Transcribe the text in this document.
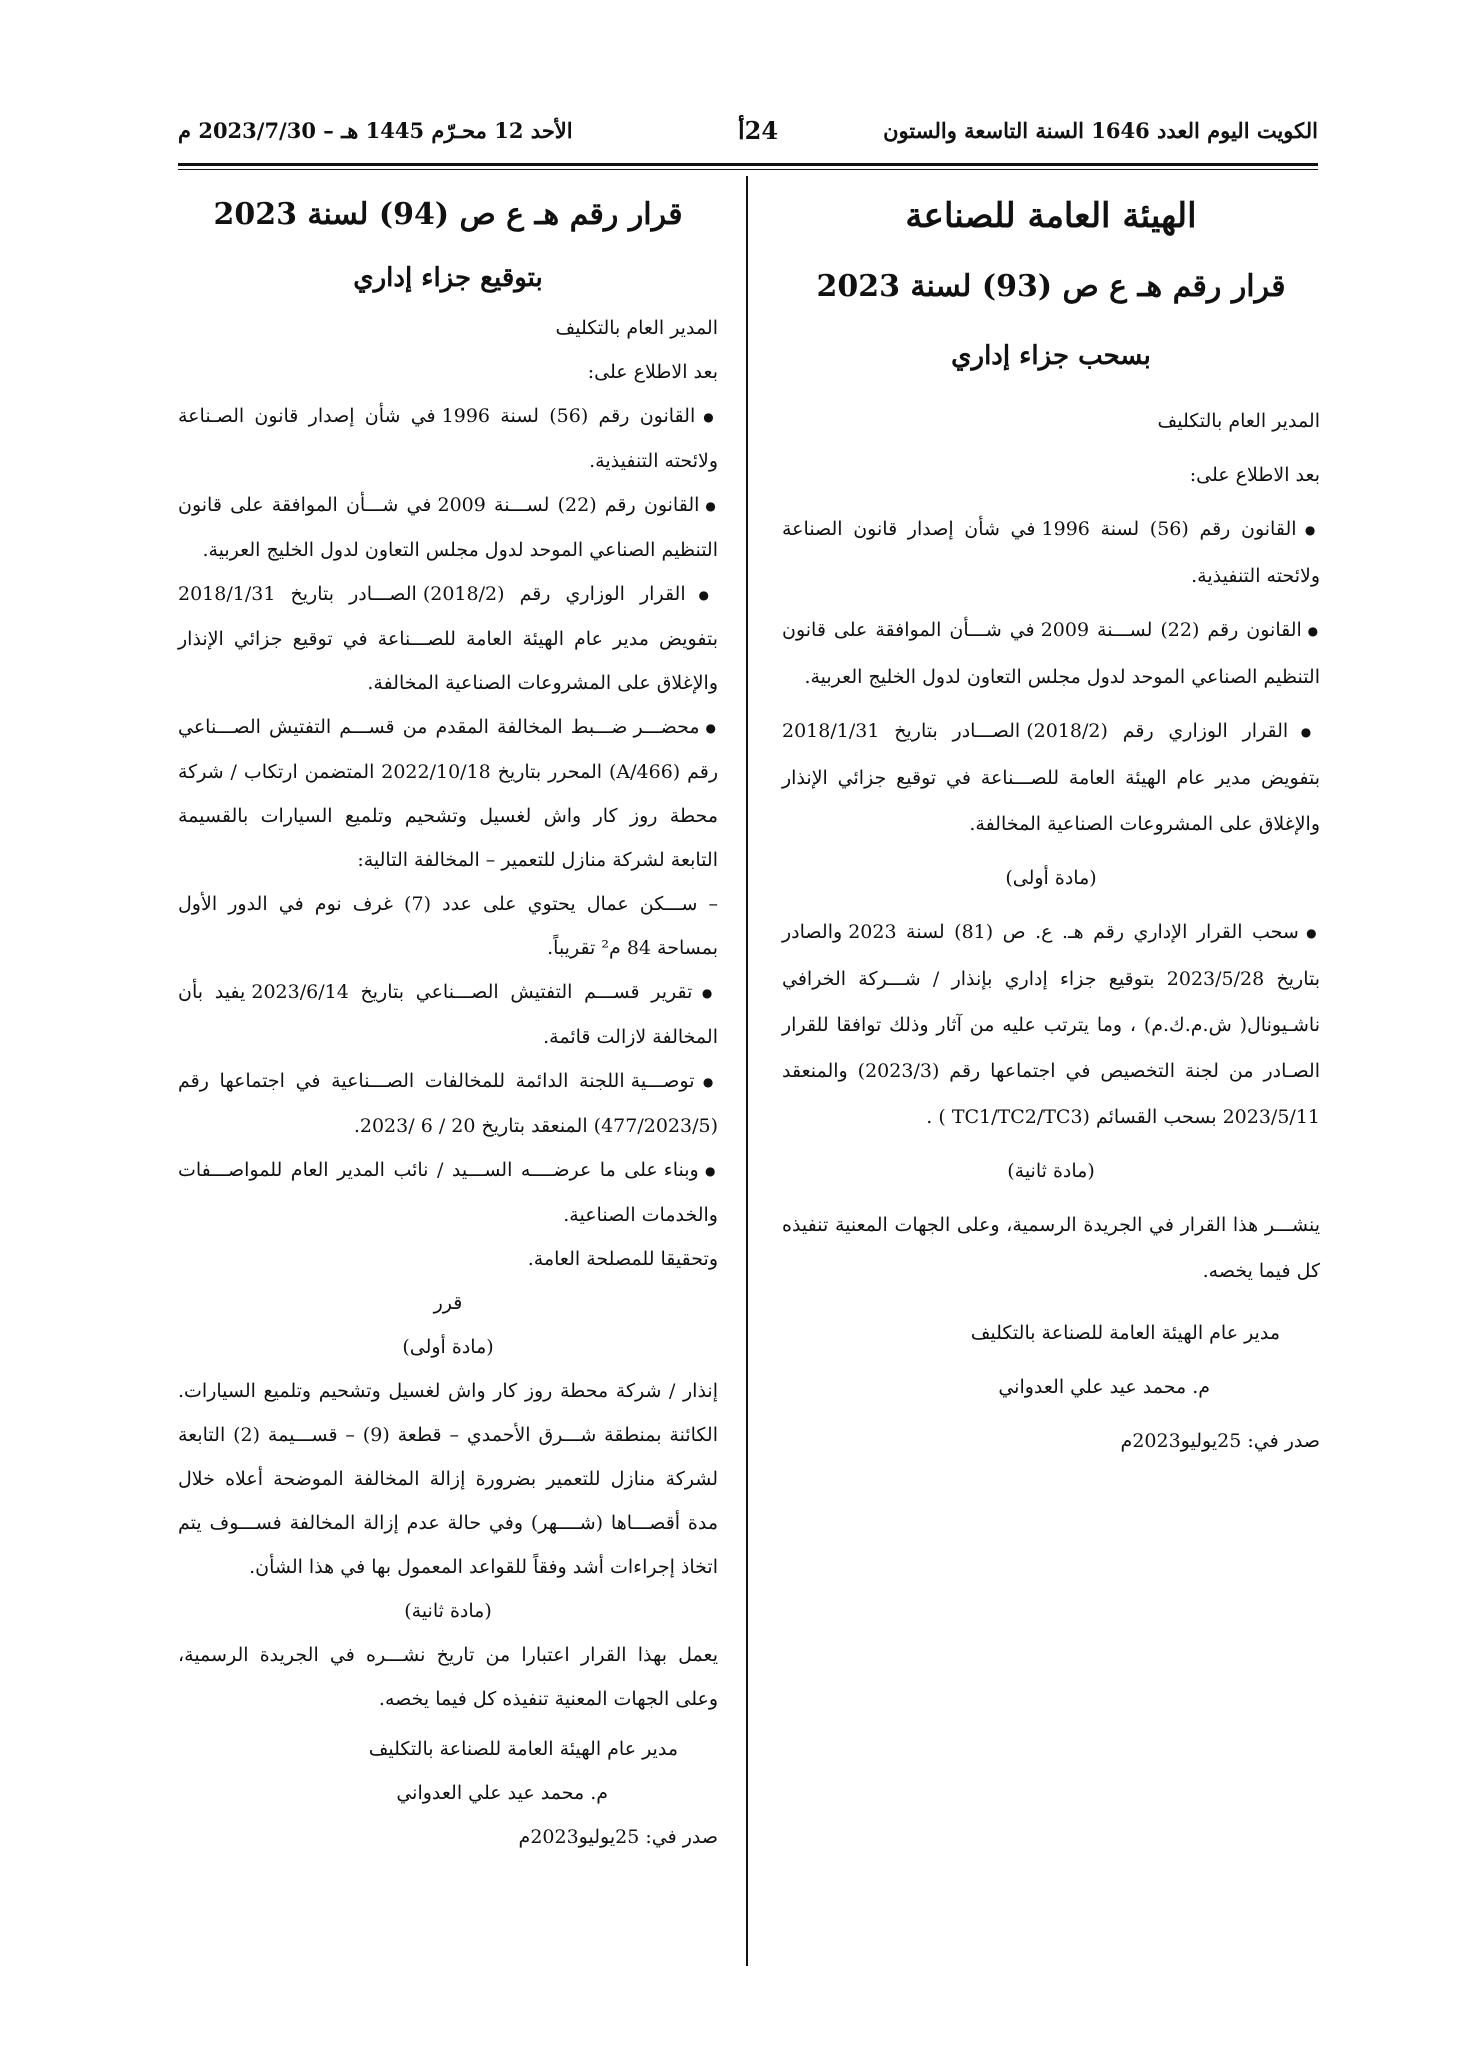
الكويت اليوم العدد 1646 السنة التاسعة والستون
24أ
الأحد 12 محـرّم 1445 هـ – 2023/7/30 م

الهيئة العامة للصناعة

قرار رقم هـ ع ص (93) لسنة 2023

بسحب جزاء إداري

المدير العام بالتكليف

بعد الاطلاع على:

● القانون رقم (56) لسنة 1996 في شأن إصدار قانون الصناعة ولائحته التنفيذية.

● القانون رقم (22) لســـنة 2009 في شـــأن الموافقة على قانون التنظيم الصناعي الموحد لدول مجلس التعاون لدول الخليج العربية.

● القرار الوزاري رقم (2018/2) الصـــادر بتاريخ 2018/1/31 بتفويض مدير عام الهيئة العامة للصـــناعة في توقيع جزائي الإنذار والإغلاق على المشروعات الصناعية المخالفة.

(مادة أولى)

● سحب القرار الإداري رقم هـ. ع. ص (81) لسنة 2023 والصادر بتاريخ 2023/5/28 بتوقيع جزاء إداري بإنذار / شـــركة الخرافي ناشـيونال( ش.م.ك.م) ، وما يترتب عليه من آثار وذلك توافقا للقرار الصـادر من لجنة التخصيص في اجتماعها رقم (2023/3) والمنعقد 2023/5/11 بسحب القسائم (TC1/TC2/TC3 ) .

(مادة ثانية)

ينشـــر هذا القرار في الجريدة الرسمية، وعلى الجهات المعنية تنفيذه كل فيما يخصه.

مدير عام الهيئة العامة للصناعة بالتكليف

م. محمد عيد علي العدواني

صدر في: 25يوليو2023م

قرار رقم هـ ع ص (94) لسنة 2023

بتوقيع جزاء إداري

المدير العام بالتكليف

بعد الاطلاع على:

● القانون رقم (56) لسنة 1996 في شأن إصدار قانون الصـناعة ولائحته التنفيذية.

● القانون رقم (22) لســـنة 2009 في شـــأن الموافقة على قانون التنظيم الصناعي الموحد لدول مجلس التعاون لدول الخليج العربية.

● القرار الوزاري رقم (2018/2) الصـــادر بتاريخ 2018/1/31 بتفويض مدير عام الهيئة العامة للصـــناعة في توقيع جزائي الإنذار والإغلاق على المشروعات الصناعية المخالفة.

● محضـــر ضـــبط المخالفة المقدم من قســـم التفتيش الصـــناعي رقم (A/466) المحرر بتاريخ 2022/10/18 المتضمن ارتكاب / شركة محطة روز كار واش لغسيل وتشحيم وتلميع السيارات بالقسيمة التابعة لشركة منازل للتعمير – المخالفة التالية:

– ســـكن عمال يحتوي على عدد (7) غرف نوم في الدور الأول بمساحة 84 م² تقريباً.

● تقرير قســـم التفتيش الصـــناعي بتاريخ 2023/6/14 يفيد بأن المخالفة لازالت قائمة.

● توصـــية اللجنة الدائمة للمخالفات الصـــناعية في اجتماعها رقم (477/2023/5) المنعقد بتاريخ 20 / 6 /2023.

● وبناء على ما عرضــــه الســـيد / نائب المدير العام للمواصـــفات والخدمات الصناعية.

وتحقيقا للمصلحة العامة.

قرر

(مادة أولى)

إنذار / شركة محطة روز كار واش لغسيل وتشحيم وتلميع السيارات. الكائنة بمنطقة شـــرق الأحمدي – قطعة (9) – قســـيمة (2) التابعة لشركة منازل للتعمير بضرورة إزالة المخالفة الموضحة أعلاه خلال مدة أقصـــاها (شــــهر) وفي حالة عدم إزالة المخالفة فســـوف يتم اتخاذ إجراءات أشد وفقاً للقواعد المعمول بها في هذا الشأن.

(مادة ثانية)

يعمل بهذا القرار اعتبارا من تاريخ نشـــره في الجريدة الرسمية، وعلى الجهات المعنية تنفيذه كل فيما يخصه.

مدير عام الهيئة العامة للصناعة بالتكليف

م. محمد عيد علي العدواني

صدر في: 25يوليو2023م
